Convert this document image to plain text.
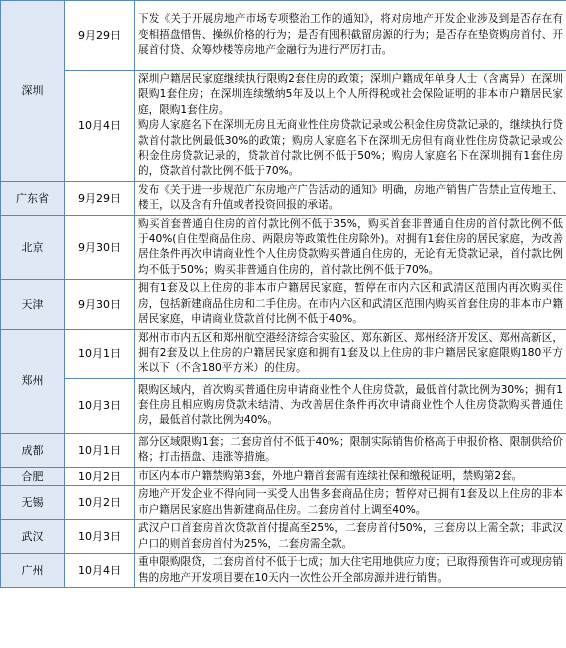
深圳	9月29日	下发《关于开展房地产市场专项整治工作的通知》，将对房地产开发企业涉及到是否存在有变相捂盘惜售、操纵价格的行为；是否有囤积截留房源的行为；是否存在垫资购房首付、开展首付贷、众筹炒楼等房地产金融行为进行严厉打击。

	10月4日	深圳户籍居民家庭继续执行限购2套住房的政策；深圳户籍成年单身人士（含离异）在深圳限购1套住房；在深圳连续缴纳5年及以上个人所得税或社会保险证明的非本市户籍居民家庭，限购1套住房。

购房人家庭名下在深圳无房且无商业性住房贷款记录或公积金住房贷款记录的，继续执行贷款首付款比例最低30%的政策；购房人家庭名下在深圳无房但有商业性住房贷款记录或公积金住房贷款记录的，贷款首付款比例不低于50%；购房人家庭名下在深圳拥有1套住房的，贷款首付款比例不低于70%。

广东省	9月29日	发布《关于进一步规范广东房地产广告活动的通知》明确，房地产销售广告禁止宣传地王、楼王，以及含有升值或者投资回报的承诺。

北京	9月30日	购买首套普通自住房的首付款比例不低于35%，购买首套非普通自住房的首付款比例不低于40%(自住型商品住房、两限房等政策性住房除外)。对拥有1套住房的居民家庭，为改善居住条件再次申请商业性个人住房贷款购买普通自住房的，无论有无贷款记录，首付款比例均不低于50%；购买非普通自住房的，首付款比例不低于70%。

天津	9月30日	拥有1套及以上住房的非本市户籍居民家庭，暂停在市内六区和武清区范围内再次购买住房，包括新建商品住房和二手住房。在市内六区和武清区范围内购买首套住房的非本市户籍居民家庭，申请商业贷款首付比例不低于40%。

郑州	10月1日	郑州市市内五区和郑州航空港经济综合实验区、郑东新区、郑州经济开发区、郑州高新区，拥有2套及以上住房的户籍居民家庭和拥有1套及以上住房的非户籍居民家庭限购180平方米以下（不含180平方米）的住房。

	10月3日	限购区域内，首次购买普通住房申请商业性个人住房贷款，最低首付款比例为30%；拥有1套住房且相应购房贷款未结清、为改善居住条件再次申请商业性个人住房贷款购买普通住房，最低首付款比例为40%。

成都	10月1日	部分区域限购1套；二套房首付不低于40%；限制实际销售价格高于申报价格、限制供给价格；打击捂盘、违涨等措施。

合肥	10月2日	市区内本市户籍禁购第3套，外地户籍首套需有连续社保和缴税证明，禁购第2套。

无锡	10月2日	房地产开发企业不得向同一买受人出售多套商品住房；暂停对已拥有1套及以上住房的非本市户籍居民家庭出售新建商品住房。二套房首付上调至40%。

武汉	10月3日	武汉户口首套房首次贷款首付提高至25%，二套房首付50%，三套房以上需全款；非武汉户口的则首套房首付为25%，二套房需全款。

广州	10月4日	重申限购限贷，二套房首付不低于七成；加大住宅用地供应力度；已取得预售许可或现房销售的房地产开发项目要在10天内一次性公开全部房源并进行销售。
